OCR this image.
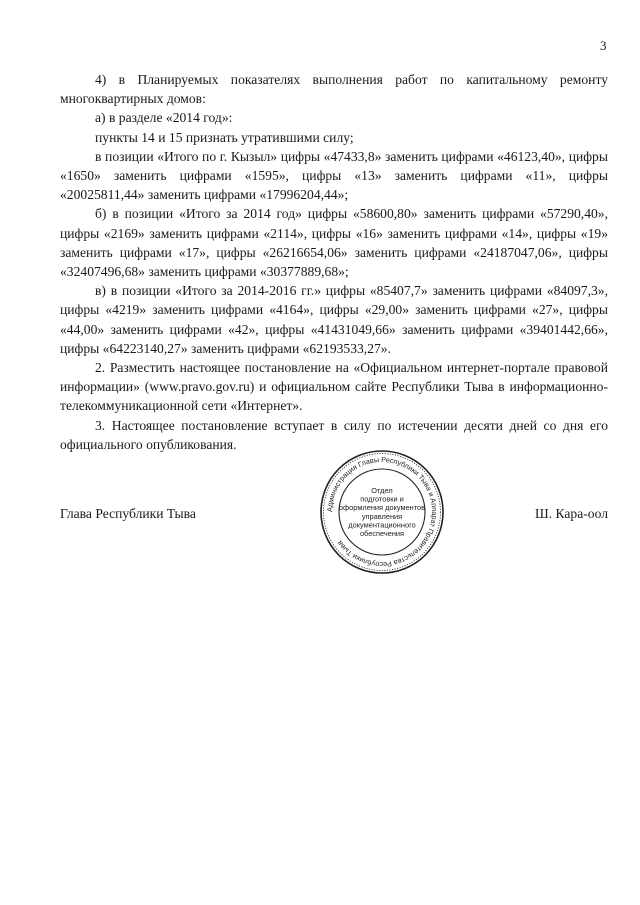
3

4) в Планируемых показателях выполнения работ по капитальному ремонту многоквартирных домов:

а) в разделе «2014 год»:

пункты 14 и 15 признать утратившими силу;

в позиции «Итого по г. Кызыл» цифры «47433,8» заменить цифрами «46123,40», цифры «1650» заменить цифрами «1595», цифры «13» заменить цифрами «11», цифры «20025811,44» заменить цифрами «17996204,44»;

б) в позиции «Итого за 2014 год» цифры «58600,80» заменить цифрами «57290,40», цифры «2169» заменить цифрами «2114», цифры «16» заменить цифрами «14», цифры «19» заменить цифрами «17», цифры «26216654,06» заменить цифрами «24187047,06», цифры «32407496,68» заменить цифрами «30377889,68»;

в) в позиции «Итого за 2014-2016 гг.» цифры «85407,7» заменить цифрами «84097,3», цифры «4219» заменить цифрами «4164», цифры «29,00» заменить цифрами «27», цифры «44,00» заменить цифрами «42», цифры «41431049,66» заменить цифрами «39401442,66», цифры «64223140,27» заменить цифрами «62193533,27».

2. Разместить настоящее постановление на «Официальном интернет-портале правовой информации» (www.pravo.gov.ru) и официальном сайте Республики Тыва в информационно-телекоммуникационной сети «Интернет».

3. Настоящее постановление вступает в силу по истечении десяти дней со дня его официального опубликования.

Глава Республики Тыва	Ш. Кара-оол
Администрация Главы Республики Тыва и Аппарат Правительства Республики Тыва
Отдел
подготовки и
оформления документов
управления
документационного
обеспечения
